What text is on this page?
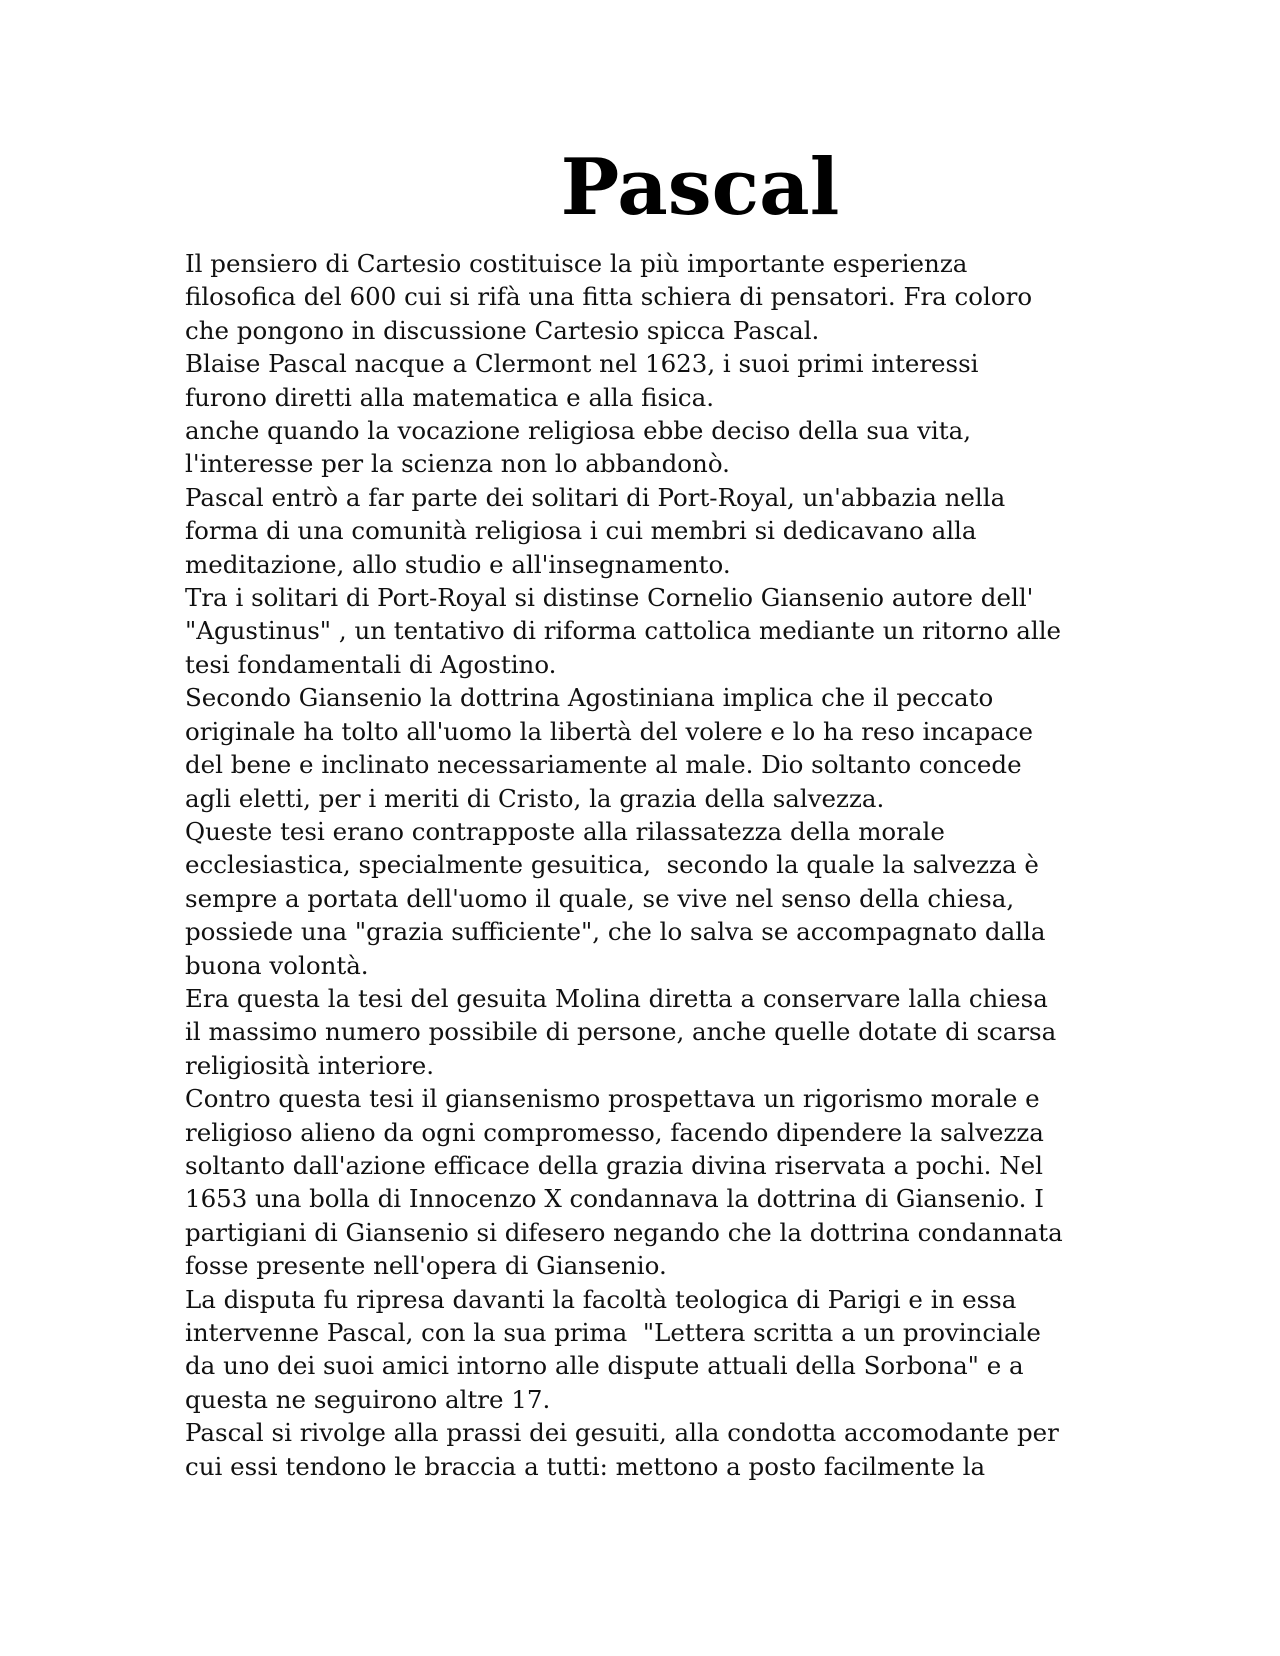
Pascal
Il pensiero di Cartesio costituisce la più importante esperienza
filosofica del 600 cui si rifà una fitta schiera di pensatori. Fra coloro
che pongono in discussione Cartesio spicca Pascal.
Blaise Pascal nacque a Clermont nel 1623, i suoi primi interessi
furono diretti alla matematica e alla fisica.
anche quando la vocazione religiosa ebbe deciso della sua vita,
l'interesse per la scienza non lo abbandonò.
Pascal entrò a far parte dei solitari di Port-Royal, un'abbazia nella
forma di una comunità religiosa i cui membri si dedicavano alla
meditazione, allo studio e all'insegnamento.
Tra i solitari di Port-Royal si distinse Cornelio Giansenio autore dell'
"Agustinus" , un tentativo di riforma cattolica mediante un ritorno alle
tesi fondamentali di Agostino.
Secondo Giansenio la dottrina Agostiniana implica che il peccato
originale ha tolto all'uomo la libertà del volere e lo ha reso incapace
del bene e inclinato necessariamente al male. Dio soltanto concede
agli eletti, per i meriti di Cristo, la grazia della salvezza.
Queste tesi erano contrapposte alla rilassatezza della morale
ecclesiastica, specialmente gesuitica,  secondo la quale la salvezza è
sempre a portata dell'uomo il quale, se vive nel senso della chiesa,
possiede una "grazia sufficiente", che lo salva se accompagnato dalla
buona volontà.
Era questa la tesi del gesuita Molina diretta a conservare lalla chiesa
il massimo numero possibile di persone, anche quelle dotate di scarsa
religiosità interiore.
Contro questa tesi il giansenismo prospettava un rigorismo morale e
religioso alieno da ogni compromesso, facendo dipendere la salvezza
soltanto dall'azione efficace della grazia divina riservata a pochi. Nel
1653 una bolla di Innocenzo X condannava la dottrina di Giansenio. I
partigiani di Giansenio si difesero negando che la dottrina condannata
fosse presente nell'opera di Giansenio.
La disputa fu ripresa davanti la facoltà teologica di Parigi e in essa
intervenne Pascal, con la sua prima  "Lettera scritta a un provinciale
da uno dei suoi amici intorno alle dispute attuali della Sorbona" e a
questa ne seguirono altre 17.
Pascal si rivolge alla prassi dei gesuiti, alla condotta accomodante per
cui essi tendono le braccia a tutti: mettono a posto facilmente la
